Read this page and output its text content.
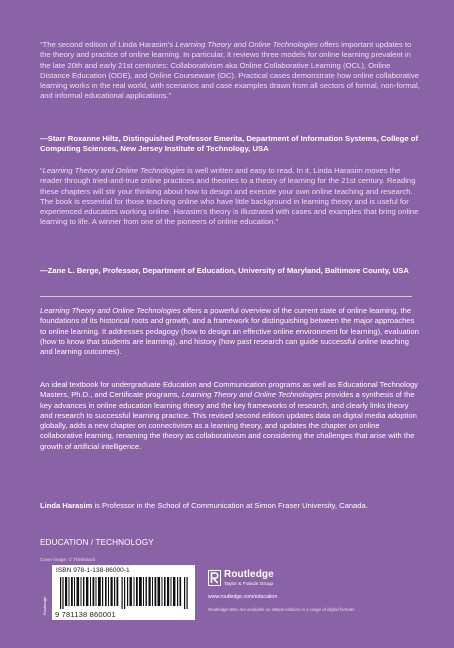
“The second edition of Linda Harasim’s Learning Theory and Online Technologies offers important updates to the theory and practice of online learning. In particular, it reviews three models for online learning prevalent in the late 20th and early 21st centuries: Collaborativism aka Online Collaborative Learning (OCL), Online Distance Education (ODE), and Online Courseware (OC). Practical cases demonstrate how online collaborative learning works in the real world, with scenarios and case examples drawn from all sectors of formal, non-formal, and informal educational applications.”

—Starr Roxanne Hiltz, Distinguished Professor Emerita, Department of Information Systems, College of Computing Sciences, New Jersey Institute of Technology, USA

“Learning Theory and Online Technologies is well written and easy to read. In it, Linda Harasim moves the reader through tried-and-true online practices and theories to a theory of learning for the 21st century. Reading these chapters will stir your thinking about how to design and execute your own online teaching and research. The book is essential for those teaching online who have little background in learning theory and is useful for experienced educators working online. Harasim’s theory is illustrated with cases and examples that bring online learning to life. A winner from one of the pioneers of online education.”

—Zane L. Berge, Professor, Department of Education, University of Maryland, Baltimore County, USA

Learning Theory and Online Technologies offers a powerful overview of the current state of online learning, the foundations of its historical roots and growth, and a framework for distinguishing between the major approaches to online learning. It addresses pedagogy (how to design an effective online environment for learning), evaluation (how to know that students are learning), and history (how past research can guide successful online teaching and learning outcomes).

An ideal textbook for undergraduate Education and Communication programs as well as Educational Technology Masters, Ph.D., and Certificate programs, Learning Theory and Online Technologies provides a synthesis of the key advances in online education learning theory and the key frameworks of research, and clearly links theory and research to successful learning practice. This revised second edition updates data on digital media adoption globally, adds a new chapter on connectivism as a learning theory, and updates the chapter on online collaborative learning, renaming the theory as collaborativism and considering the challenges that arise with the growth of artificial intelligence.

Linda Harasim is Professor in the School of Communication at Simon Fraser University, Canada.

EDUCATION / TECHNOLOGY
Cover image: © Thinkstock
Routledge
ISBN 978-1-138-86000-1
9 781138 860001
Routledge
Taylor & Francis Group
www.routledge.com/education
Routledge titles are available as eBook editions in a range of digital formats
